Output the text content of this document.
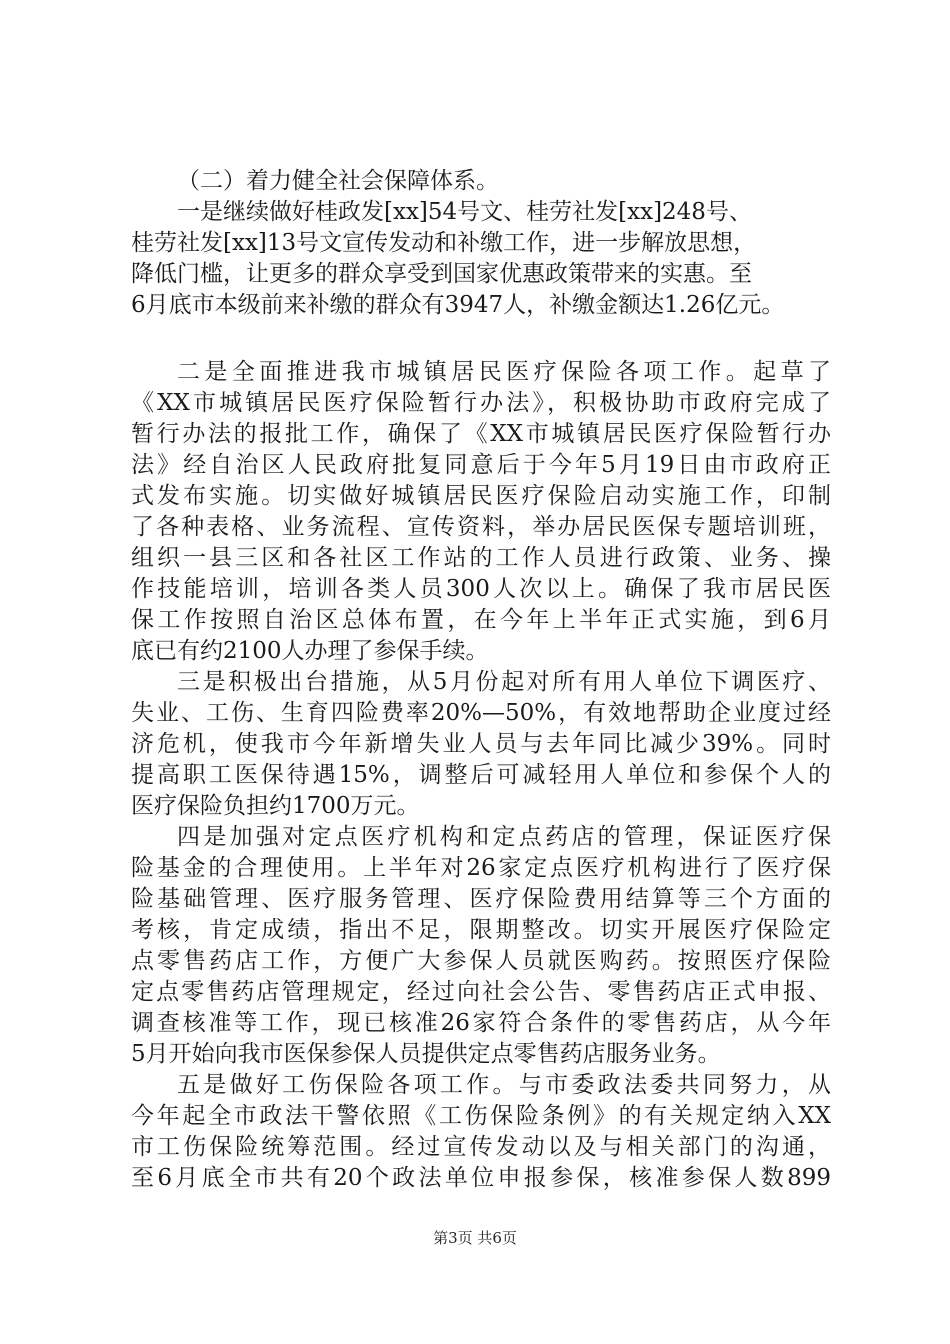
（二）着力健全社会保障体系。
一是继续做好桂政发[xx]54号文、桂劳社发[xx]248号、
桂劳社发[xx]13号文宣传发动和补缴工作，进一步解放思想，
降低门槛，让更多的群众享受到国家优惠政策带来的实惠。至
6月底市本级前来补缴的群众有3947人，补缴金额达1.26亿元。
二是全面推进我市城镇居民医疗保险各项工作。起草了
《XX市城镇居民医疗保险暂行办法》，积极协助市政府完成了
暂行办法的报批工作，确保了《XX市城镇居民医疗保险暂行办
法》经自治区人民政府批复同意后于今年5月19日由市政府正
式发布实施。切实做好城镇居民医疗保险启动实施工作，印制
了各种表格、业务流程、宣传资料，举办居民医保专题培训班，
组织一县三区和各社区工作站的工作人员进行政策、业务、操
作技能培训，培训各类人员300人次以上。确保了我市居民医
保工作按照自治区总体布置，在今年上半年正式实施，到6月
底已有约2100人办理了参保手续。
三是积极出台措施，从5月份起对所有用人单位下调医疗、
失业、工伤、生育四险费率20%—50%，有效地帮助企业度过经
济危机，使我市今年新增失业人员与去年同比减少39%。同时
提高职工医保待遇15%，调整后可减轻用人单位和参保个人的
医疗保险负担约1700万元。
四是加强对定点医疗机构和定点药店的管理，保证医疗保
险基金的合理使用。上半年对26家定点医疗机构进行了医疗保
险基础管理、医疗服务管理、医疗保险费用结算等三个方面的
考核，肯定成绩，指出不足，限期整改。切实开展医疗保险定
点零售药店工作，方便广大参保人员就医购药。按照医疗保险
定点零售药店管理规定，经过向社会公告、零售药店正式申报、
调查核准等工作，现已核准26家符合条件的零售药店，从今年
5月开始向我市医保参保人员提供定点零售药店服务业务。
五是做好工伤保险各项工作。与市委政法委共同努力，从
今年起全市政法干警依照《工伤保险条例》的有关规定纳入XX
市工伤保险统筹范围。经过宣传发动以及与相关部门的沟通，
至6月底全市共有20个政法单位申报参保，核准参保人数899
第3页 共6页
